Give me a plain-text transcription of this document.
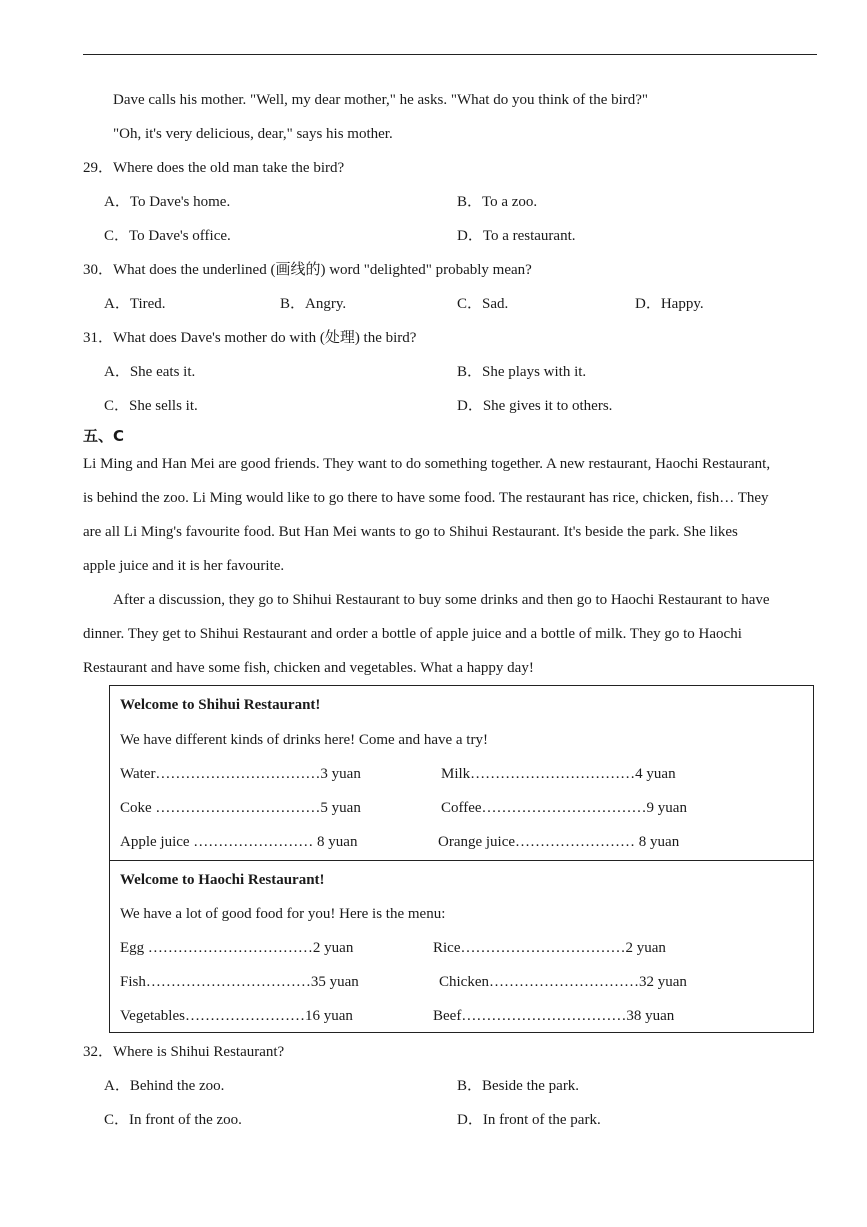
Dave calls his mother. "Well, my dear mother," he asks. "What do you think of the bird?"
"Oh, it's very delicious, dear," says his mother.
29．Where does the old man take the bird?
A．To Dave's home.	B．To a zoo.
C．To Dave's office.	D．To a restaurant.
30．What does the underlined (画线的) word "delighted" probably mean?
A．Tired.	B．Angry.	C．Sad.	D．Happy.
31．What does Dave's mother do with (处理) the bird?
A．She eats it.	B．She plays with it.
C．She sells it.	D．She gives it to others.
五、C
Li Ming and Han Mei are good friends. They want to do something together. A new restaurant, Haochi Restaurant,
is behind the zoo. Li Ming would like to go there to have some food. The restaurant has rice, chicken, fish… They
are all Li Ming's favourite food. But Han Mei wants to go to Shihui Restaurant. It's beside the park. She likes
apple juice and it is her favourite.
After a discussion, they go to Shihui Restaurant to buy some drinks and then go to Haochi Restaurant to have
dinner. They get to Shihui Restaurant and order a bottle of apple juice and a bottle of milk. They go to Haochi
Restaurant and have some fish, chicken and vegetables. What a happy day!
Welcome to Shihui Restaurant!
We have different kinds of drinks here! Come and have a try!
Water……………………………3 yuan	Milk……………………………4 yuan
Coke ……………………………5 yuan	Coffee……………………………9 yuan
Apple juice …………………… 8 yuan	Orange juice…………………… 8 yuan
Welcome to Haochi Restaurant!
We have a lot of good food for you! Here is the menu:
Egg ……………………………2 yuan	Rice……………………………2 yuan
Fish……………………………35 yuan	Chicken…………………………32 yuan
Vegetables……………………16 yuan	Beef……………………………38 yuan
32．Where is Shihui Restaurant?
A．Behind the zoo.	B．Beside the park.
C．In front of the zoo.	D．In front of the park.
